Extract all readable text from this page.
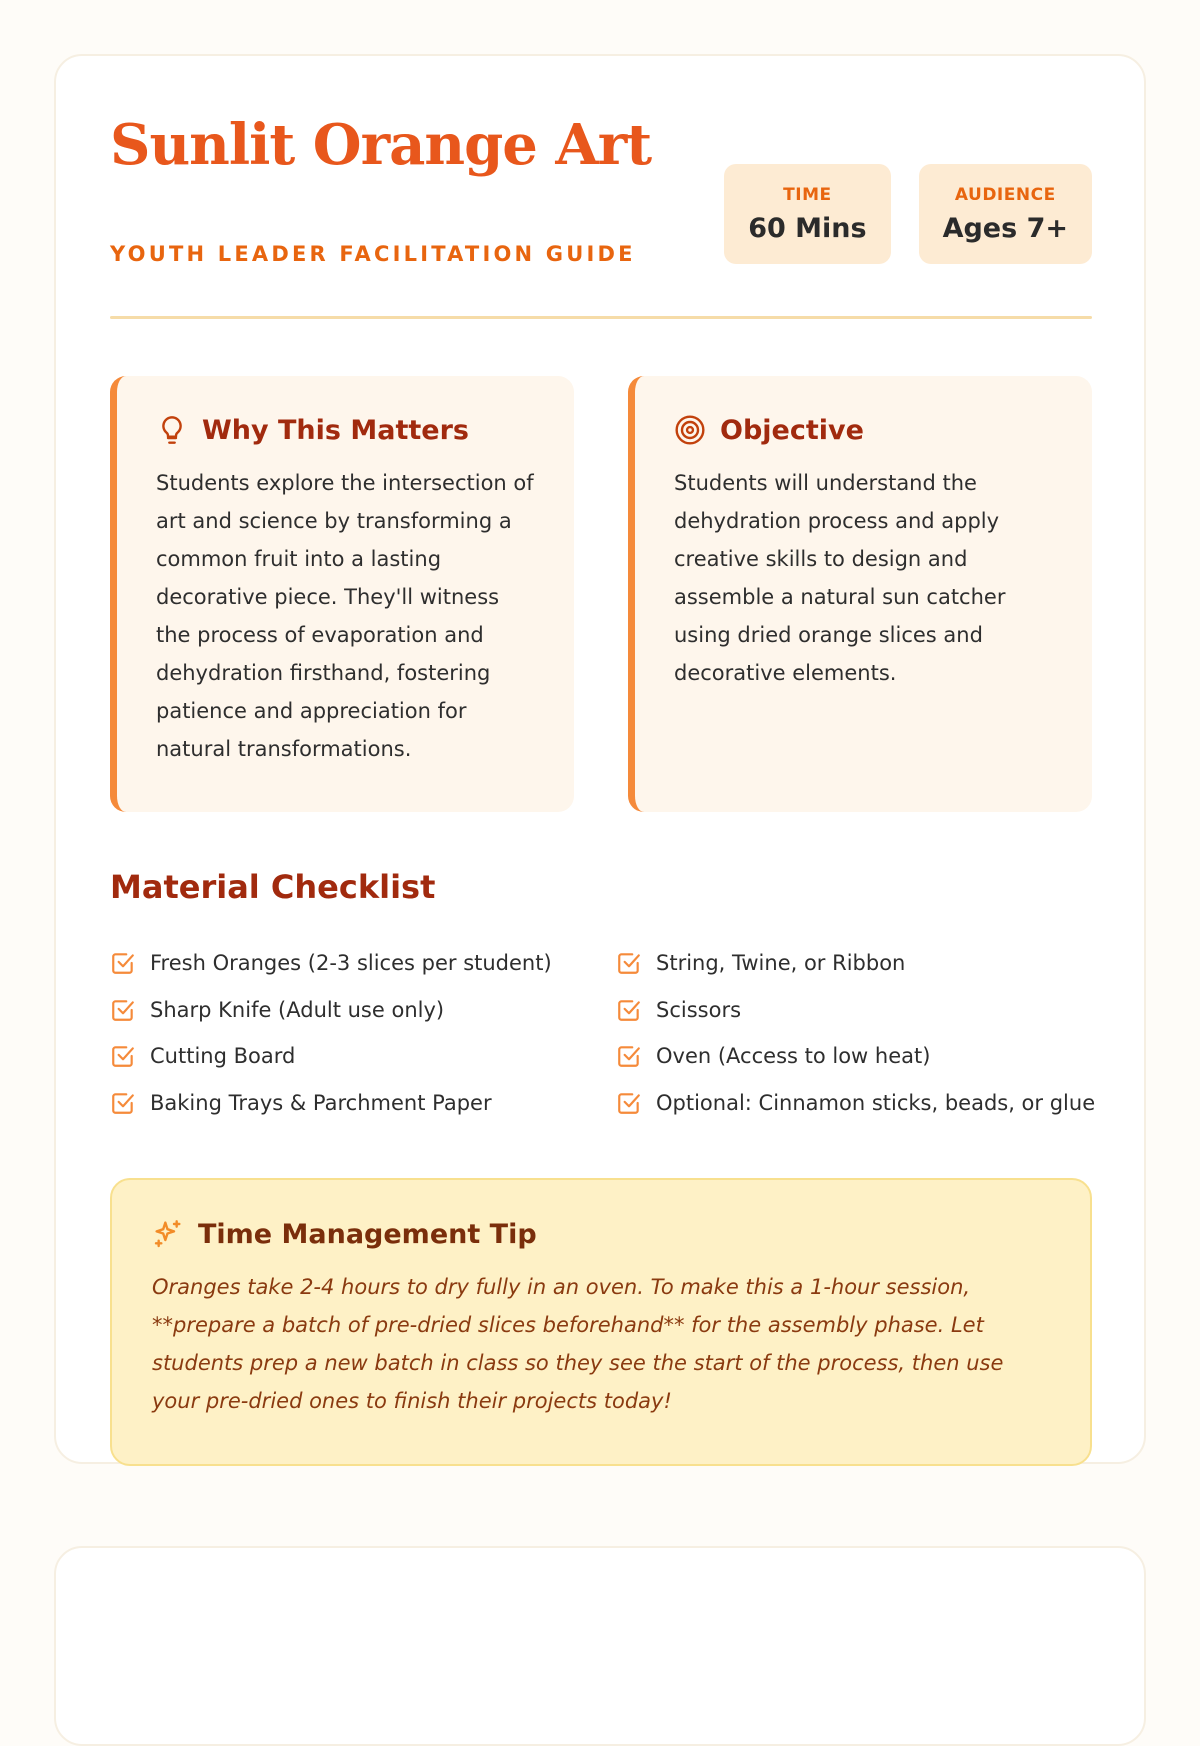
Sunlit Orange Art
YOUTH LEADER FACILITATION GUIDE
TIME
60 Mins
AUDIENCE
Ages 7+
Why This Matters

Students explore the intersection of art and science by transforming a common fruit into a lasting decorative piece. They'll witness the process of evaporation and dehydration firsthand, fostering patience and appreciation for natural transformations.

Objective

Students will understand the dehydration process and apply creative skills to design and assemble a natural sun catcher using dried orange slices and decorative elements.

Material Checklist
Fresh Oranges (2-3 slices per student)	String, Twine, or Ribbon
Sharp Knife (Adult use only)	Scissors
Cutting Board	Oven (Access to low heat)
Baking Trays & Parchment Paper	Optional: Cinnamon sticks, beads, or glue
Time Management Tip

Oranges take 2-4 hours to dry fully in an oven. To make this a 1-hour session, **prepare a batch of pre-dried slices beforehand** for the assembly phase. Let students prep a new batch in class so they see the start of the process, then use your pre-dried ones to finish their projects today!
